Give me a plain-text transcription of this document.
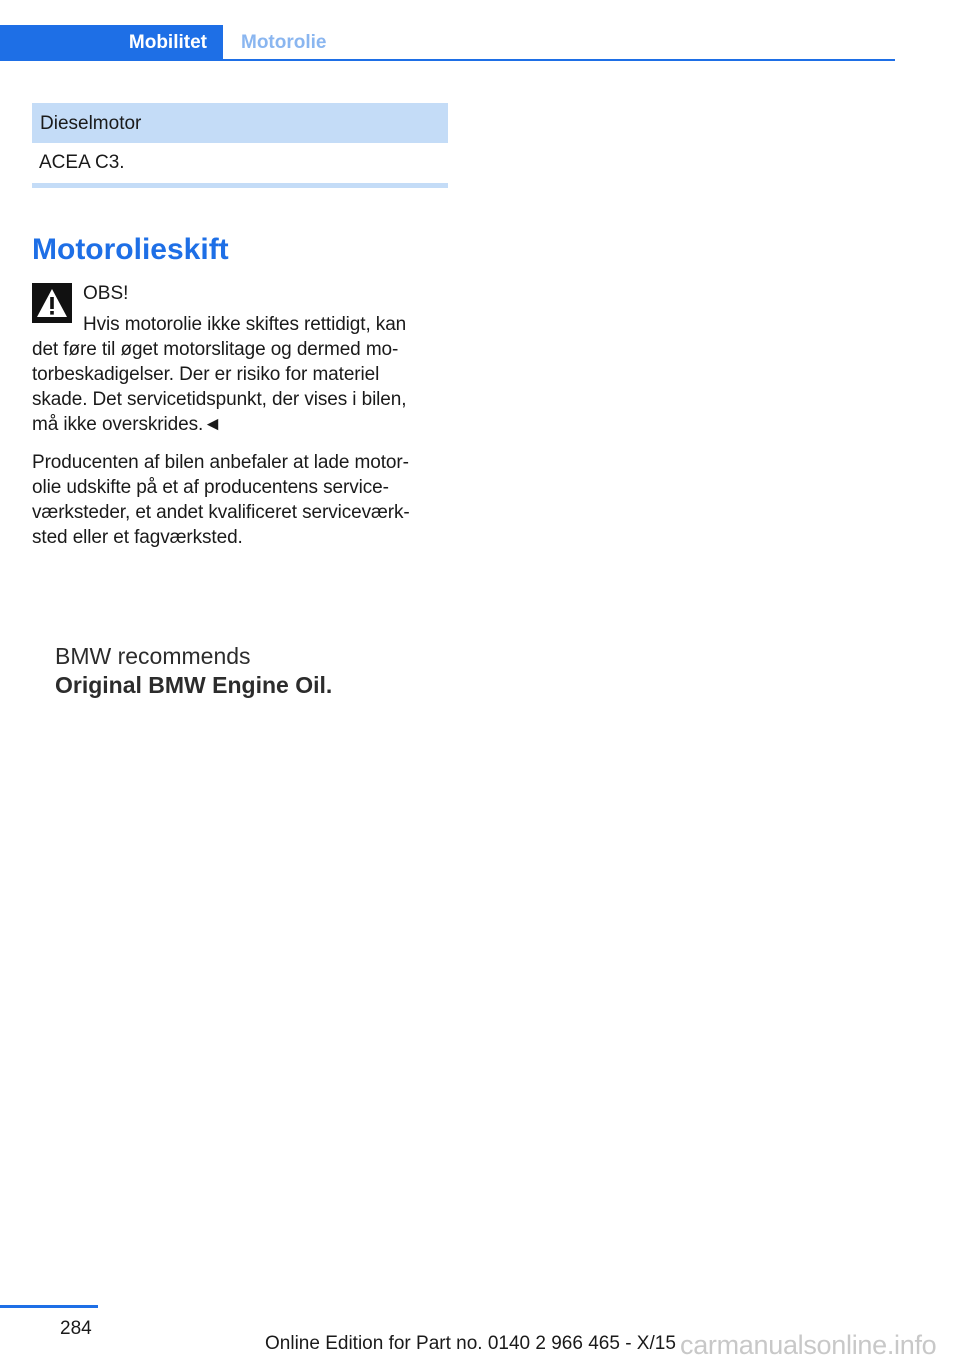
Mobilitet	Motorolie
Dieselmotor
ACEA C3.
Motorolieskift
OBS!

Hvis motorolie ikke skiftes rettidigt, kan
det føre til øget motorslitage og dermed mo‐
torbeskadigelser. Der er risiko for materiel
skade. Det servicetidspunkt, der vises i bilen,
må ikke overskrides.◄

Producenten af bilen anbefaler at lade motor‐
olie udskifte på et af producentens service‐
værksteder, et andet kvalificeret serviceværk‐
sted eller et fagværksted.

BMW recommends
Original BMW Engine Oil.
284
Online Edition for Part no. 0140 2 966 465 - X/15 carmanualsonline.info
